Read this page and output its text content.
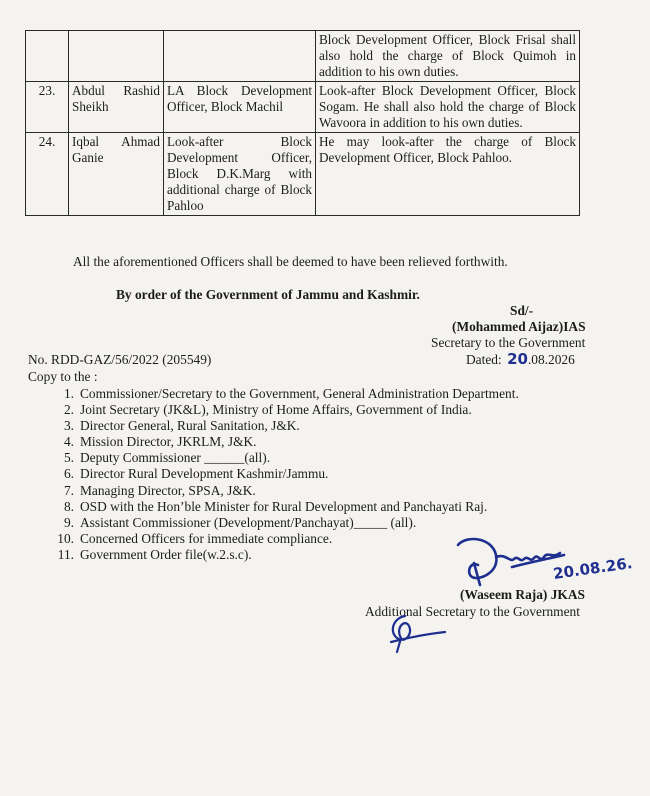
			Block Development Officer, Block Frisal shall also hold the charge of Block Quimoh in addition to his own duties.
23.	Abdul Rashid Sheikh	LA Block Development Officer, Block Machil	Look-after Block Development Officer, Block Sogam. He shall also hold the charge of Block Wavoora in addition to his own duties.
24.	Iqbal Ahmad Ganie	Look-after Block Development Officer, Block D.K.Marg with additional charge of Block Pahloo	He may look-after the charge of Block Development Officer, Block Pahloo.
All the aforementioned Officers shall be deemed to have been relieved forthwith.
By order of the Government of Jammu and Kashmir.
Sd/-
(Mohammed Aijaz)IAS
Secretary to the Government
No. RDD-GAZ/56/2022 (205549)	Dated: 20.08.2026
Copy to the :
1. Commissioner/Secretary to the Government, General Administration Department.
2. Joint Secretary (JK&L), Ministry of Home Affairs, Government of India.
3. Director General, Rural Sanitation, J&K.
4. Mission Director, JKRLM, J&K.
5. Deputy Commissioner ______(all).
6. Director Rural Development Kashmir/Jammu.
7. Managing Director, SPSA, J&K.
8. OSD with the Hon’ble Minister for Rural Development and Panchayati Raj.
9. Assistant Commissioner (Development/Panchayat)_____ (all).
10. Concerned Officers for immediate compliance.
11. Government Order file(w.2.s.c).	20.08.26.
(Waseem Raja) JKAS
Additional Secretary to the Government
